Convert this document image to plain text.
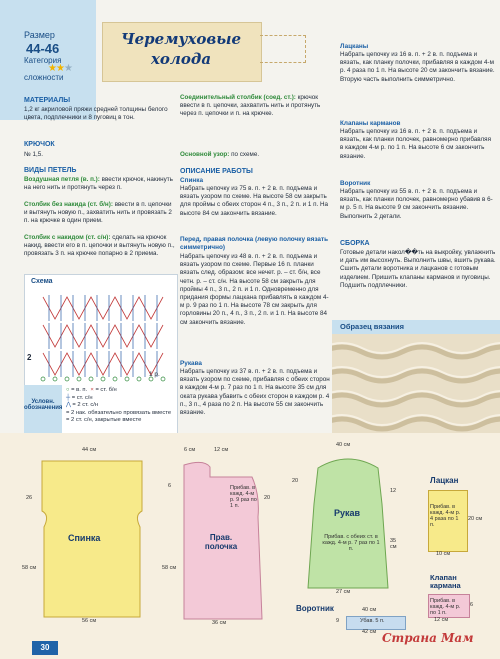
Размер
44-46
Категория
★★★
сложности
Черемуховые
холода
МАТЕРИАЛЫ
1,2 кг акриловой пряжи средней толщины белого цвета, подплечники и 8 пуговиц в тон.
КРЮЧОК
№ 1,5.
ВИДЫ ПЕТЕЛЬ
Воздушная петля (в. п.): ввести крючок, накинуть на него нить и протянуть через п.
Столбик без накида (ст. б/н): ввести в п. цепочки и вытянуть новую п., захватить нить и провязать 2 п. на крючке в один прием.
Столбик с накидом (ст. с/н): сделать на крючок накид, ввести его в п. цепочки и вытянуть новую п., провязать 3 п. на крючке попарно в 2 приема.
Схема
2
1 р.
Условн. обозначения
○ = в. п. × = ст. б/н
┼ = ст. с/н
⋀ = 2 ст. с/н
= 2 нак. обязательно провязать вместе
= 2 ст. с/н, закрытые вместе
Соединительный столбик (соед. ст.): крючок ввести в п. цепочки, захватить нить и протянуть через п. цепочки и п. на крючке.
Основной узор: по схеме.
ОПИСАНИЕ РАБОТЫ
Спинка
Набрать цепочку из 75 в. п. + 2 в. п. подъема и вязать узором по схеме. На высоте 58 см закрыть для проймы с обеих сторон 4 п., 3 п., 2 п. и 1 п. На высоте 84 см закончить вязание.
Перед, правая полочка (левую полочку вязать симметрично)
Набрать цепочку из 48 в. п. + 2 в. п. подъема и вязать узором по схеме. Первые 16 п. планки вязать след. образом: все нечет. р. – ст. б/н, все четн. р. – ст. с/н. На высоте 58 см закрыть для проймы 4 п., 3 п., 2 п. и 1 п. Одновременно для придания формы лацкана прибавлять в каждом 4-м р. 9 раз по 1 п. На высоте 78 см закрыть для горловины 20 п., 4 п., 3 п., 2 п. и 1 п. На высоте 84 см закончить вязание.
Рукава
Набрать цепочку из 37 в. п. + 2 в. п. подъема и вязать узором по схеме, прибавляя с обеих сторон в каждом 4-м р. 7 раз по 1 п. На высоте 35 см для оката рукава убавить с обеих сторон в каждом р. 4 п., 3 п., 4 раза по 2 п. На высоте 55 см закончить вязание.
Лацканы
Набрать цепочку из 16 в. п. + 2 в. п. подъема и вязать, как планку полочки, прибавляя в каждом 4-м р. 4 раза по 1 п. На высоте 20 см закончить вязание. Вторую часть выполнить симметрично.
Клапаны карманов
Набрать цепочку из 16 в. п. + 2 в. п. подъема и вязать, как планки полочек, равномерно прибавляя в каждом 4-м р. по 1 п. На высоте 6 см закончить вязание.
Воротник
Набрать цепочку из 55 в. п. + 2 в. п. подъема и вязать, как планки полочек, равномерно убавив в 6-м р. 5 п. На высоте 9 см закончить вязание. Выполнить 2 детали.
СБОРКА
Готовые детали накол��ть на выкройку, увлажнить и дать им высохнуть. Выполнить швы, вшить рукава. Сшить детали воротника и лацканов с готовым изделием. Пришить клапаны карманов и пуговицы. Подшить подплечники.
Образец вязания
Спинка
44 см
56 см
26
58 см
Прав. полочка
Прибав. в кажд. 4-м р. 9 раз по 1 п.
6 см	12 см
6
20
36 см
58 см
Рукав
Прибав. с обеих ст. в кажд. 4-м р. 7 раз по 1 п.
40 см
27 см
20
35 см
12
Воротник
Убав. 5 п.
40 см
42 см
9
Лацкан
Прибав. в кажд. 4-м р. 4 раза по 1 п.
20 см
10 см
Клапан кармана
Прибав. в кажд. 4-м р. по 1 п.
6
12 см
30
Страна Мам
